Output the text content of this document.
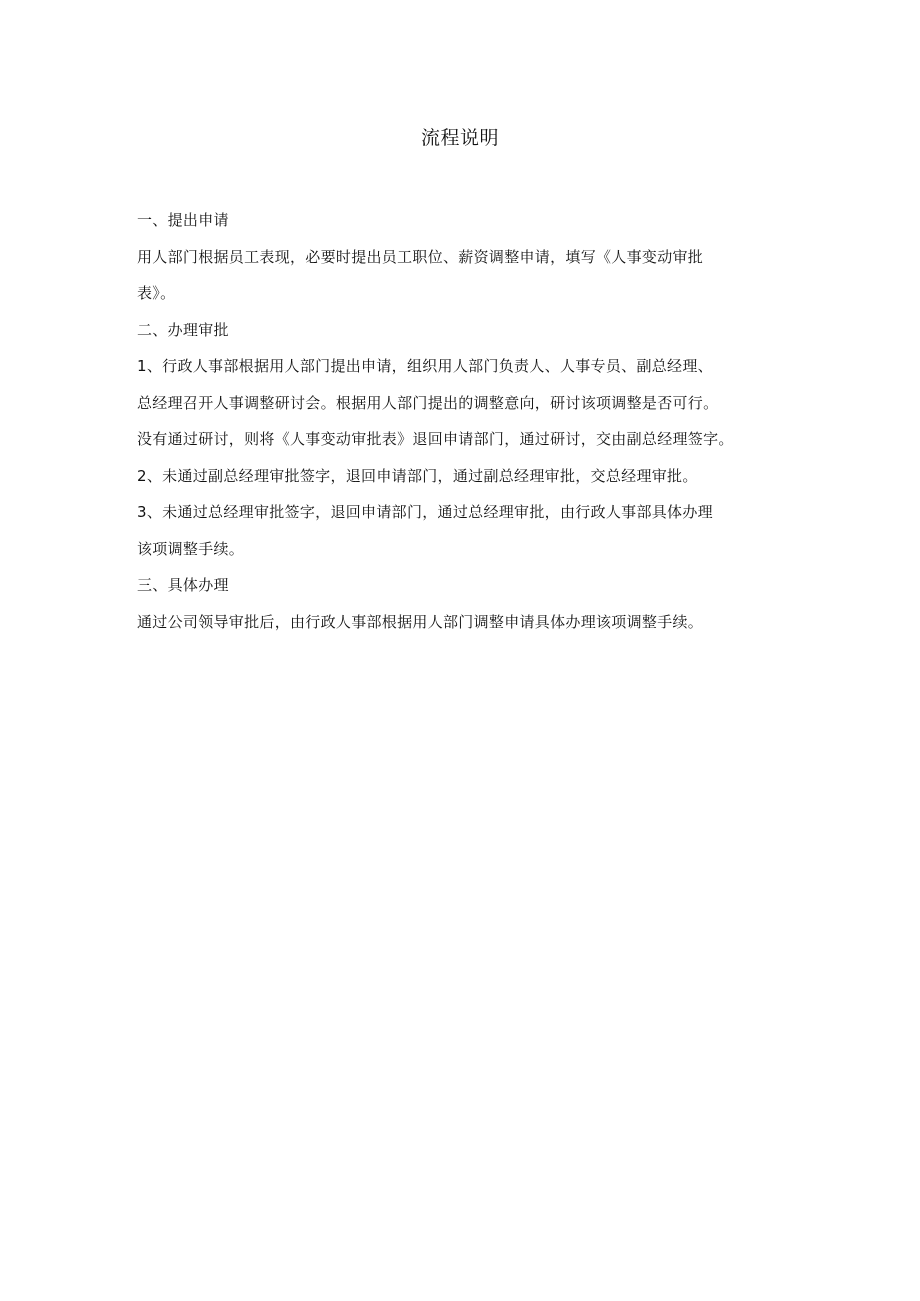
流程说明
一、提出申请
用人部门根据员工表现，必要时提出员工职位、薪资调整申请，填写《人事变动审批
表》。
二、办理审批
1、行政人事部根据用人部门提出申请，组织用人部门负责人、人事专员、副总经理、
总经理召开人事调整研讨会。根据用人部门提出的调整意向，研讨该项调整是否可行。
没有通过研讨，则将《人事变动审批表》退回申请部门，通过研讨，交由副总经理签字。
2、未通过副总经理审批签字，退回申请部门，通过副总经理审批，交总经理审批。
3、未通过总经理审批签字，退回申请部门，通过总经理审批，由行政人事部具体办理
该项调整手续。
三、具体办理
通过公司领导审批后，由行政人事部根据用人部门调整申请具体办理该项调整手续。
